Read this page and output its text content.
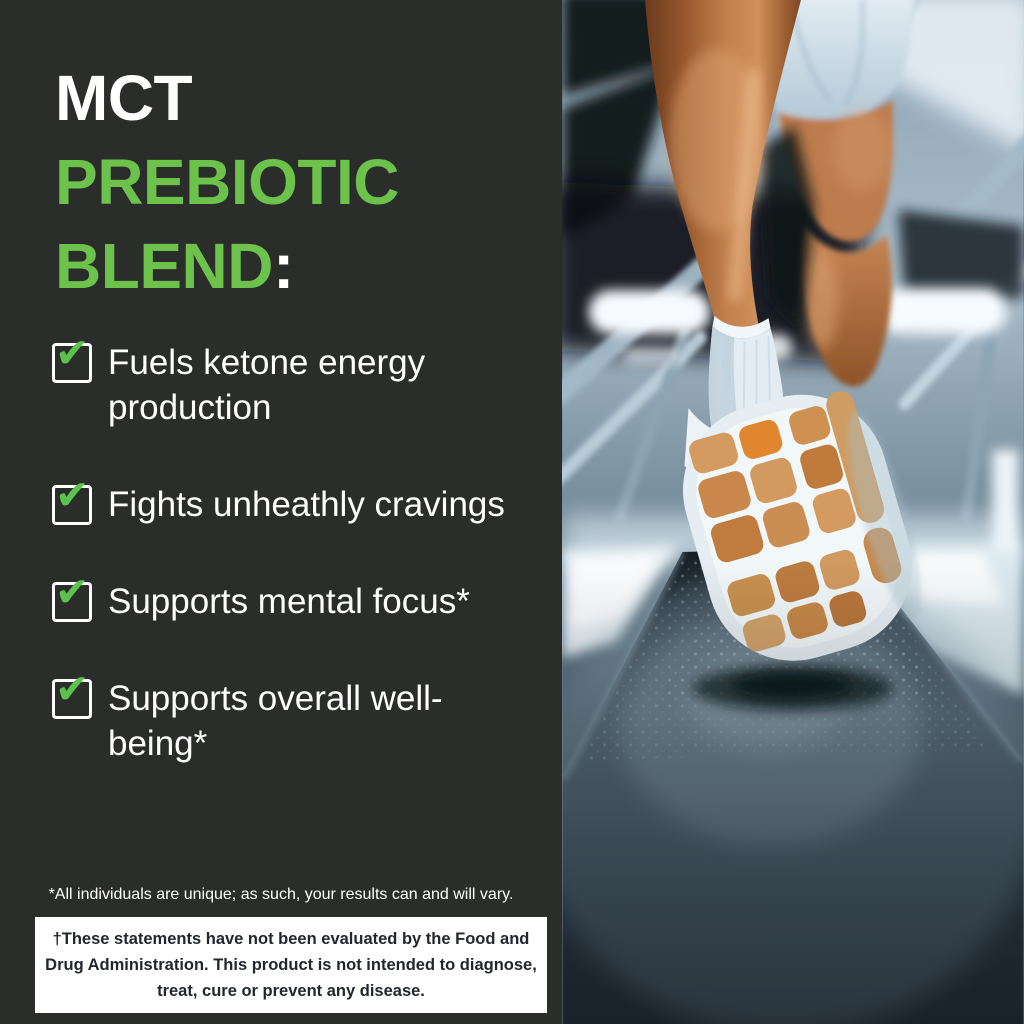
MCT
PREBIOTIC
BLEND:
✔ Fuels ketone energy production
✔ Fights unheathly cravings
✔ Supports mental focus*
✔ Supports overall well-being*

*All individuals are unique; as such, your results can and will vary.

†These statements have not been evaluated by the Food and Drug Administration. This product is not intended to diagnose, treat, cure or prevent any disease.
